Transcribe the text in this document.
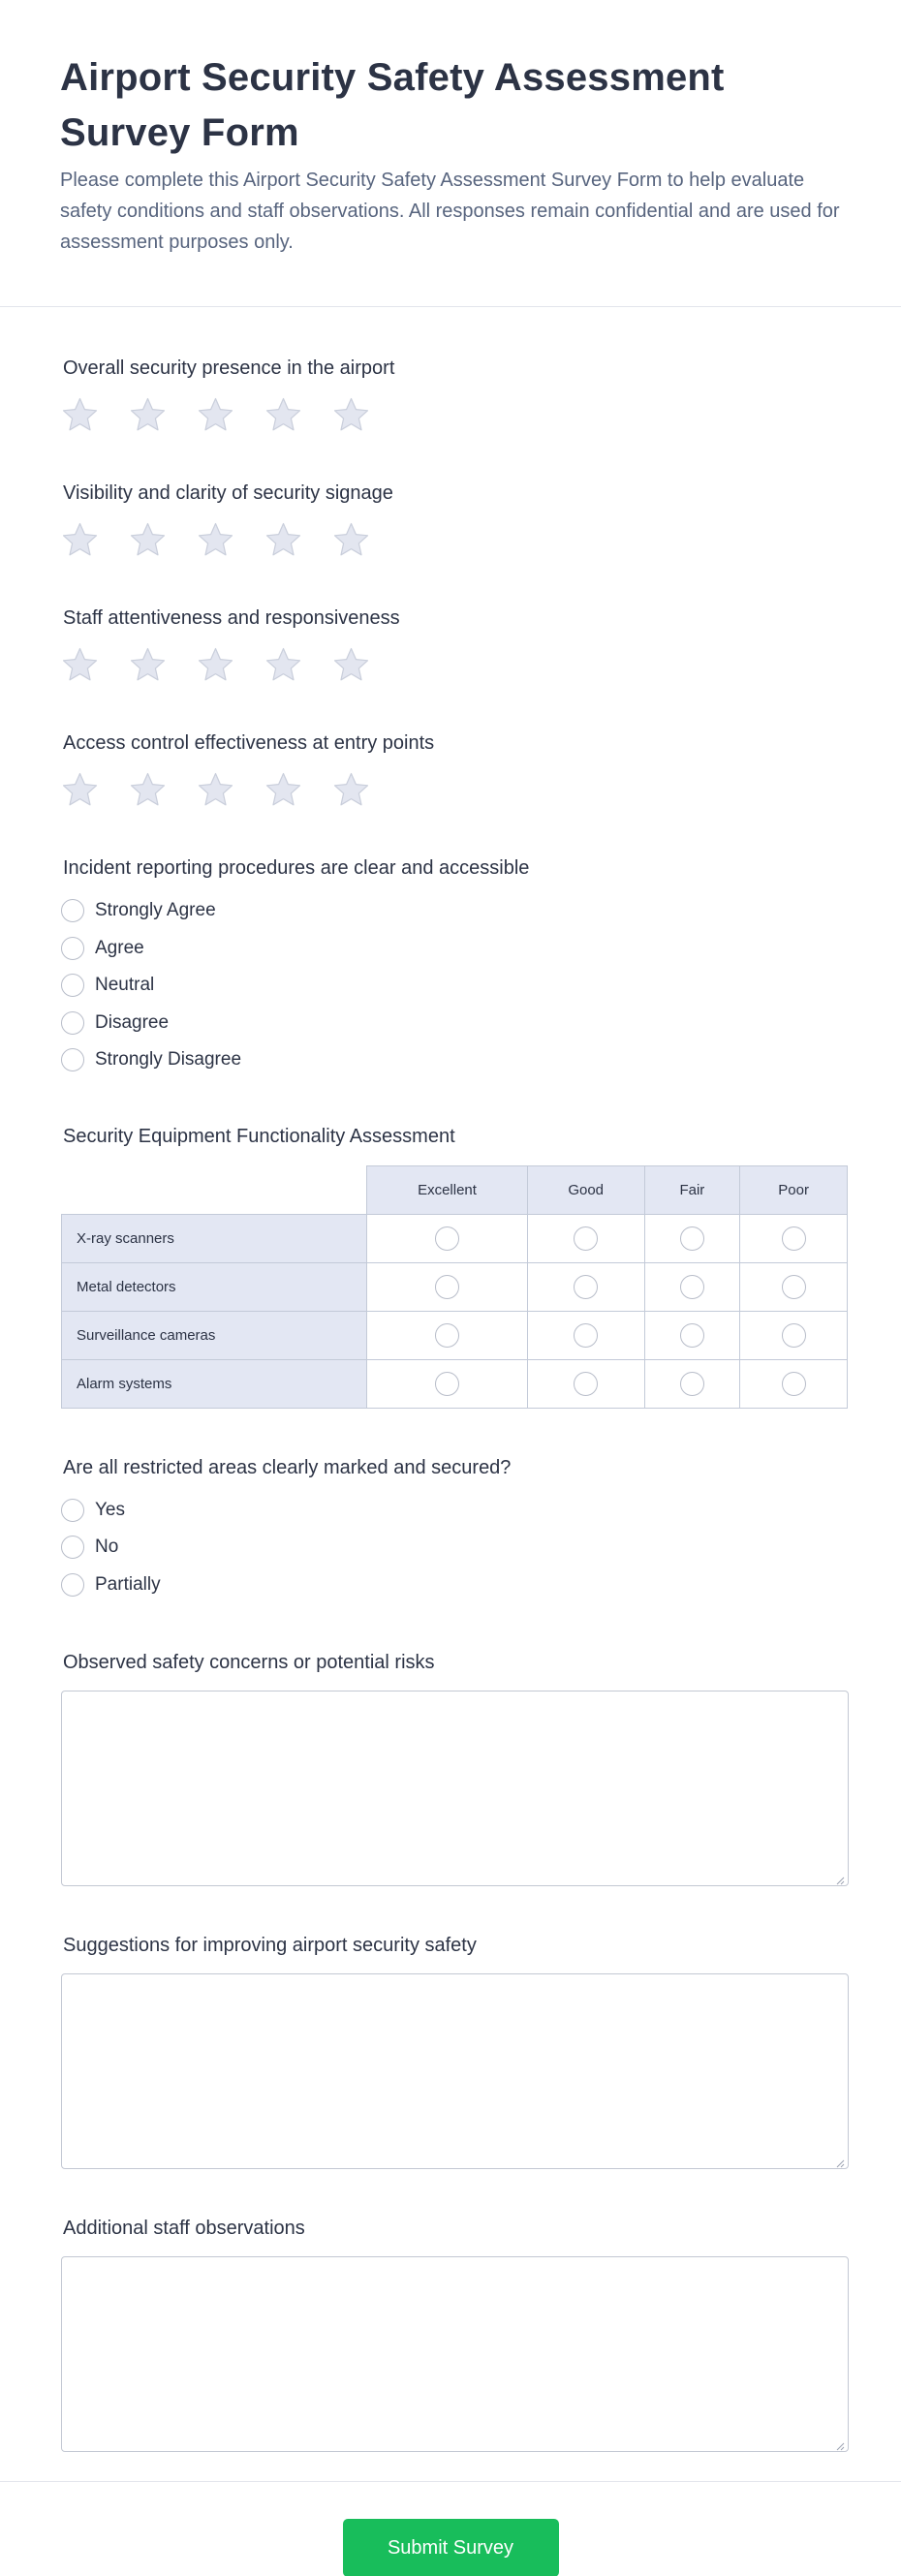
Airport Security Safety Assessment Survey Form

Please complete this Airport Security Safety Assessment Survey Form to help evaluate safety conditions and staff observations. All responses remain confidential and are used for assessment purposes only.

Overall security presence in the airport
Visibility and clarity of security signage
Staff attentiveness and responsiveness
Access control effectiveness at entry points
Incident reporting procedures are clear and accessible
Strongly Agree
Agree
Neutral
Disagree
Strongly Disagree
Security Equipment Functionality Assessment
	Excellent	Good	Fair	Poor
X-ray scanners				
Metal detectors				
Surveillance cameras				
Alarm systems				
Are all restricted areas clearly marked and secured?
Yes
No
Partially
Observed safety concerns or potential risks
Suggestions for improving airport security safety
Additional staff observations
Submit Survey
